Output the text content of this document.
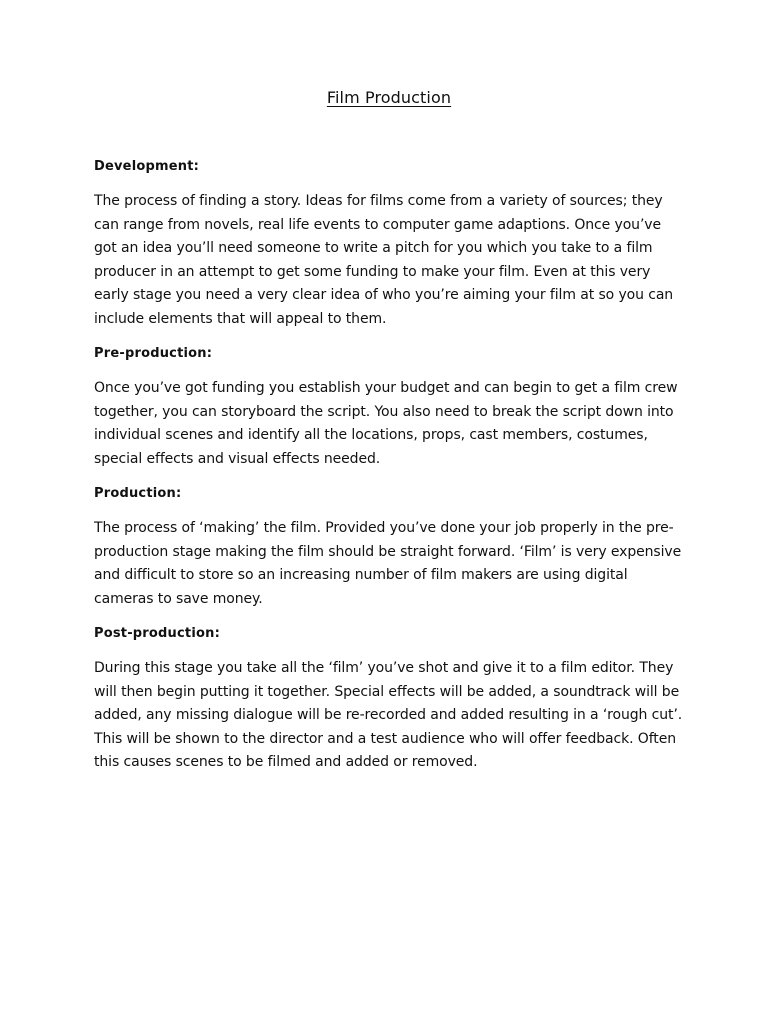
Film Production

Development:

The process of finding a story. Ideas for films come from a variety of sources; they can range from novels, real life events to computer game adaptions. Once you’ve got an idea you’ll need someone to write a pitch for you which you take to a film producer in an attempt to get some funding to make your film. Even at this very early stage you need a very clear idea of who you’re aiming your film at so you can include elements that will appeal to them.

Pre-production:

Once you’ve got funding you establish your budget and can begin to get a film crew together, you can storyboard the script. You also need to break the script down into individual scenes and identify all the locations, props, cast members, costumes, special effects and visual effects needed.

Production:

The process of ‘making’ the film. Provided you’ve done your job properly in the pre-production stage making the film should be straight forward. ‘Film’ is very expensive and difficult to store so an increasing number of film makers are using digital cameras to save money.

Post-production:

During this stage you take all the ‘film’ you’ve shot and give it to a film editor. They will then begin putting it together. Special effects will be added, a soundtrack will be added, any missing dialogue will be re-recorded and added resulting in a ‘rough cut’. This will be shown to the director and a test audience who will offer feedback. Often this causes scenes to be filmed and added or removed.
